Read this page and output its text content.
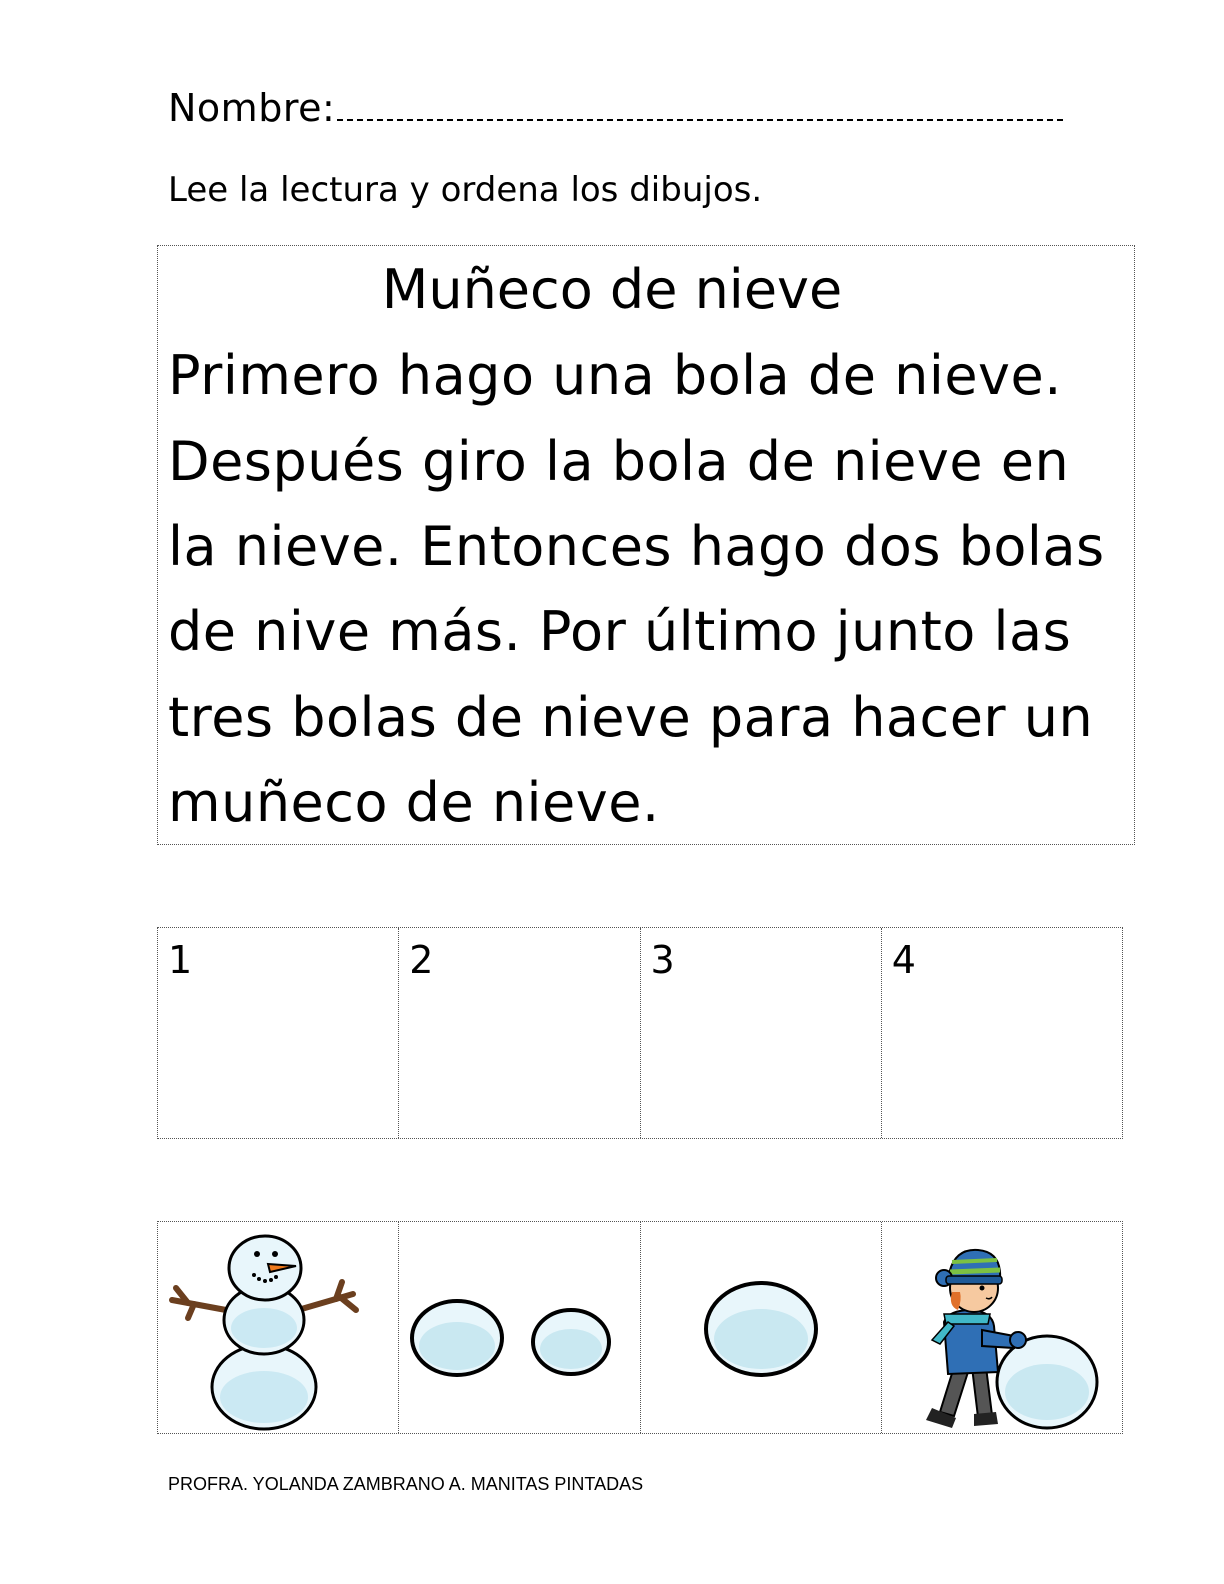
Nombre:
Lee la lectura y ordena los dibujos.
Muñeco de nieve
Primero hago una bola de nieve.
Después giro la bola de nieve en
la nieve. Entonces hago dos bolas
de nive más. Por último junto las
tres bolas de nieve para hacer un
muñeco de nieve.
1	2	3	4
PROFRA. YOLANDA ZAMBRANO A. MANITAS PINTADAS
